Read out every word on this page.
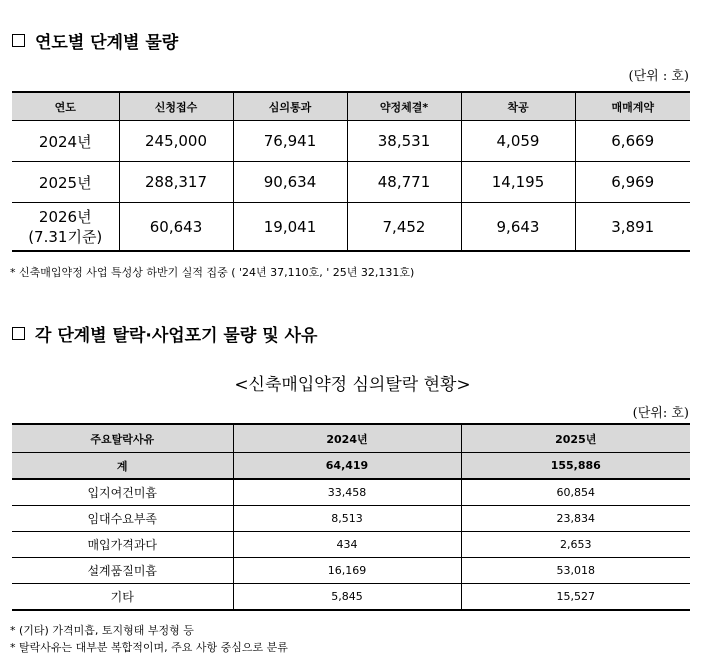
연도별 단계별 물량
(단위 : 호)
연도	신청접수	심의통과	약정체결*	착공	매매계약
2024년	245,000	76,941	38,531	4,059	6,669
2025년	288,317	90,634	48,771	14,195	6,969

2026년
(7.31기준)	60,643	19,041	7,452	9,643	3,891
* 신축매입약정 사업 특성상 하반기 실적 집중 ( '24년 37,110호, ' 25년 32,131호)
각 단계별 탈락·사업포기 물량 및 사유
<신축매입약정 심의탈락 현황>
(단위: 호)
주요탈락사유	2024년	2025년
계	64,419	155,886
입지여건미흡	33,458	60,854
임대수요부족	8,513	23,834
매입가격과다	434	2,653
설계품질미흡	16,169	53,018
기타	5,845	15,527
* (기타) 가격미흡, 토지형태 부정형 등
* 탈락사유는 대부분 복합적이며, 주요 사항 중심으로 분류
